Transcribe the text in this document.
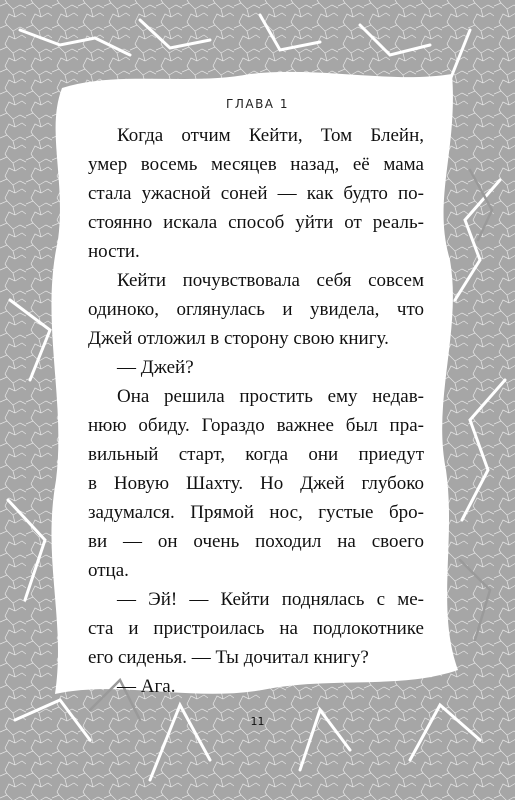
ГЛАВА 1
Когда отчим Кейти, Том Блейн,
умер восемь месяцев назад, её мама
стала ужасной соней — как будто по-
стоянно искала способ уйти от реаль-
ности.
Кейти почувствовала себя совсем
одиноко, оглянулась и увидела, что
Джей отложил в сторону свою книгу.
— Джей?
Она решила простить ему недав-
нюю обиду. Гораздо важнее был пра-
вильный старт, когда они приедут
в Новую Шахту. Но Джей глубоко
задумался. Прямой нос, густые бро-
ви — он очень походил на своего
отца.
— Эй! — Кейти поднялась с ме-
ста и пристроилась на подлокотнике
его сиденья. — Ты дочитал книгу?
— Ага.
11
